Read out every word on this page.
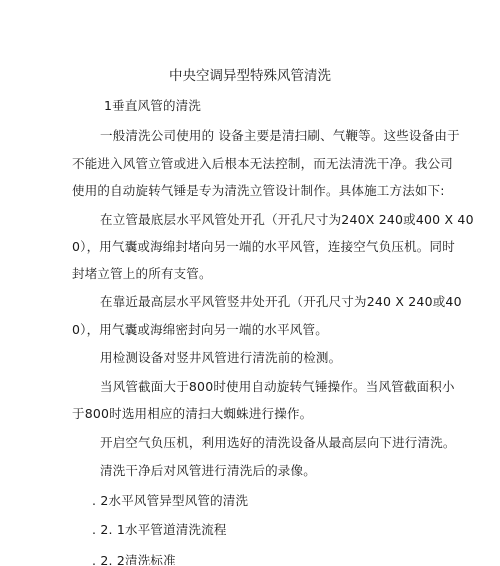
中央空调异型特殊风管清洗
1垂直风管的清洗
一般清洗公司使用的 设备主要是清扫刷、气鞭等。这些设备由于
不能进入风管立管或进入后根本无法控制，而无法清洗干净。我公司
使用的自动旋转气锤是专为清洗立管设计制作。具体施工方法如下:
在立管最底层水平风管处开孔（开孔尺寸为240X 240或400 X 40
0），用气囊或海绵封堵向另一端的水平风管，连接空气负压机。同时
封堵立管上的所有支管。
在靠近最高层水平风管竖井处开孔（开孔尺寸为240 X 240或40
0），用气囊或海绵密封向另一端的水平风管。
用检测设备对竖井风管进行清洗前的检测。
当风管截面大于800时使用自动旋转气锤操作。当风管截面积小
于800时选用相应的清扫大蜘蛛进行操作。
开启空气负压机，利用选好的清洗设备从最高层向下进行清洗。
清洗干净后对风管进行清洗后的录像。
. 2水平风管异型风管的清洗
. 2. 1水平管道清洗流程
. 2. 2清洗标准
